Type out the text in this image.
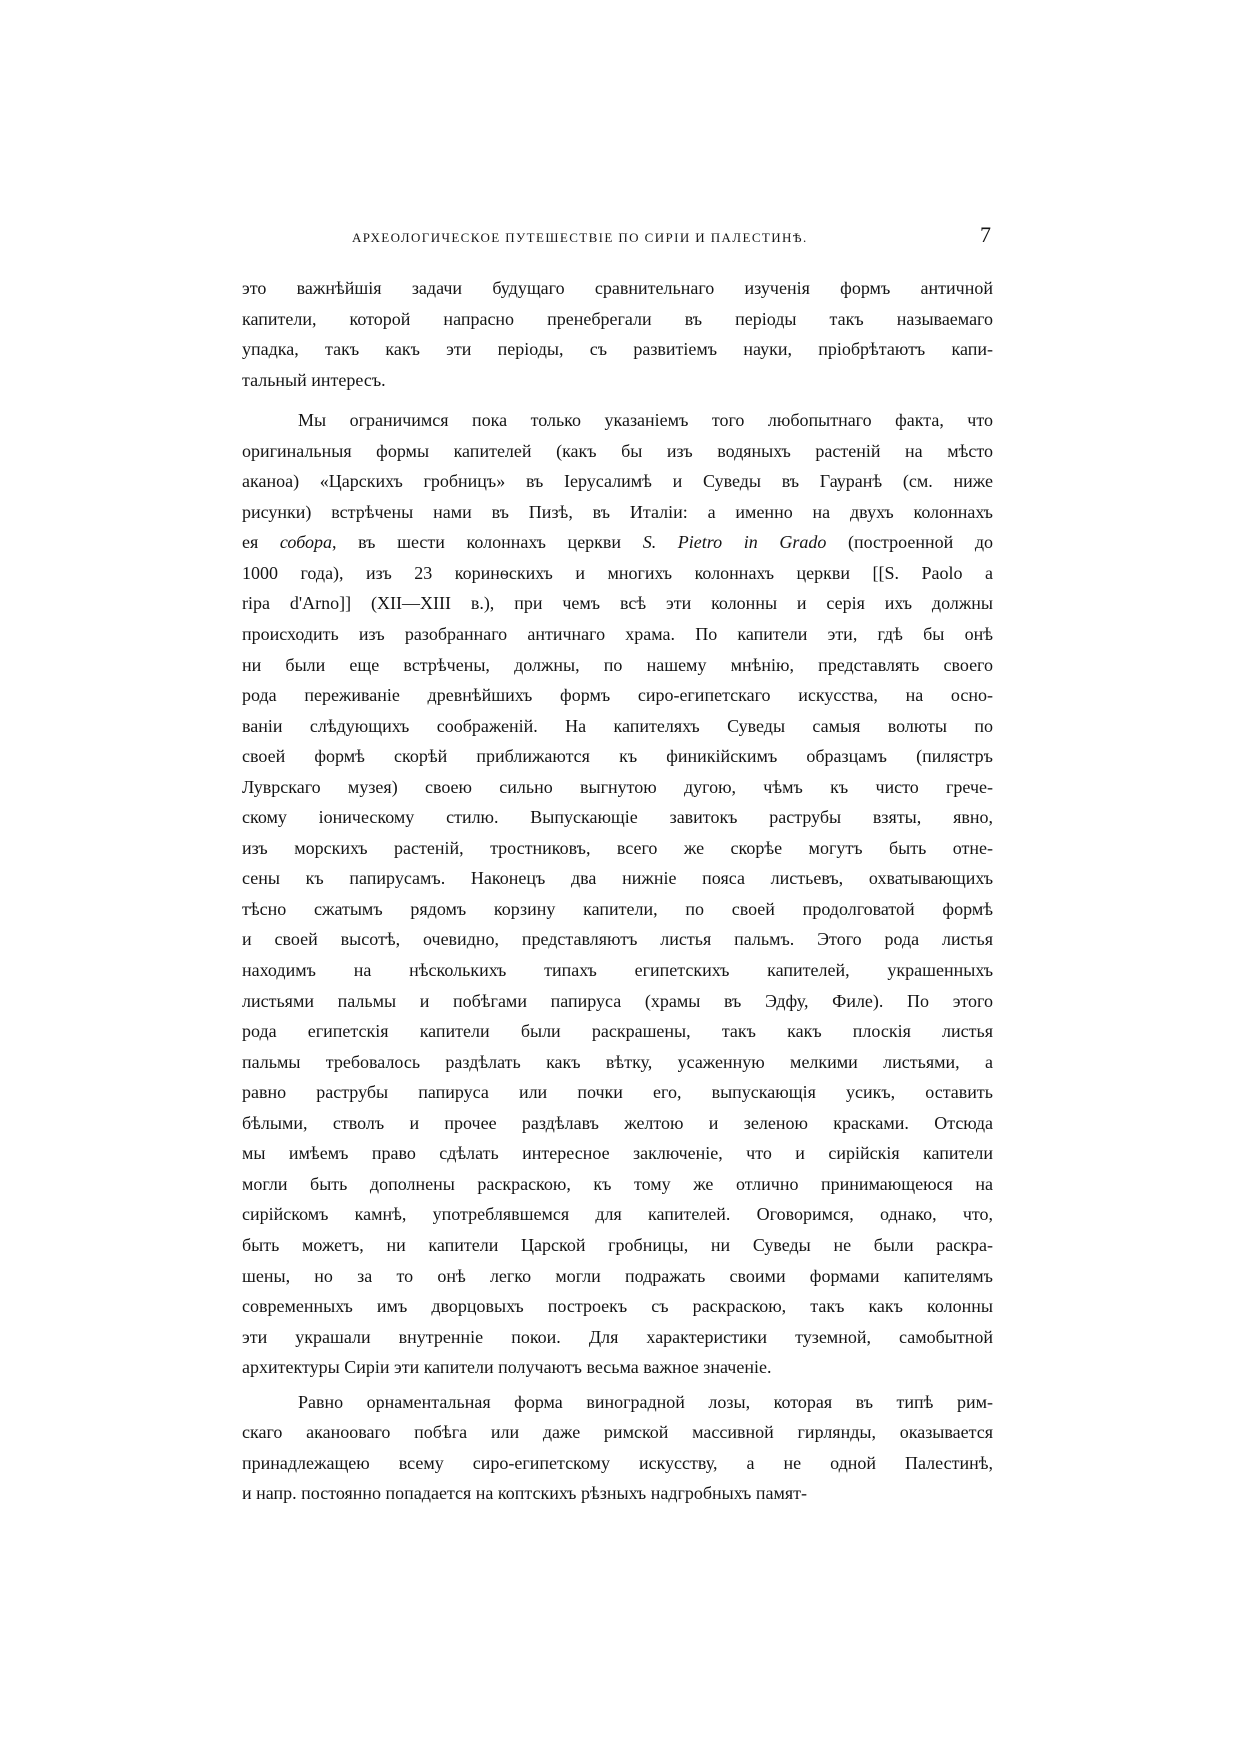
АРХЕОЛОГИЧЕСКОЕ ПУТЕШЕСТВІЕ ПО СИРІИ И ПАЛЕСТИНѢ.	7
это важнѣйшія задачи будущаго сравнительнаго изученія формъ античной
капители, которой напрасно пренебрегали въ періоды такъ называемаго
упадка, такъ какъ эти періоды, съ развитіемъ науки, пріобрѣтаютъ капи-
тальный интересъ.
Мы ограничимся пока только указаніемъ того любопытнаго факта, что
оригинальныя формы капителей (какъ бы изъ водяныхъ растеній на мѣсто
аканоа) «Царскихъ гробницъ» въ Іерусалимѣ и Суведы въ Гауранѣ (см. ниже
рисунки) встрѣчены нами въ Пизѣ, въ Италіи: а именно на двухъ колоннахъ
ея собора, въ шести колоннахъ церкви S. Pietro in Grado (построенной до
1000 года), изъ 23 коринѳскихъ и многихъ колоннахъ церкви [[S. Paolo a
ripa d'Arno]] (XII—XIII в.), при чемъ всѣ эти колонны и серія ихъ должны
происходить изъ разобраннаго античнаго храма. По капители эти, гдѣ бы онѣ
ни были еще встрѣчены, должны, по нашему мнѣнію, представлять своего
рода переживаніе древнѣйшихъ формъ сиро-египетскаго искусства, на осно-
ваніи слѣдующихъ соображеній. На капителяхъ Суведы самыя волюты по
своей формѣ скорѣй приближаются къ финикійскимъ образцамъ (пилястръ
Луврскаго музея) своею сильно выгнутою дугою, чѣмъ къ чисто грече-
скому іоническому стилю. Выпускающіе завитокъ раструбы взяты, явно,
изъ морскихъ растеній, тростниковъ, всего же скорѣе могутъ быть отне-
сены къ папирусамъ. Наконецъ два нижніе пояса листьевъ, охватывающихъ
тѣсно сжатымъ рядомъ корзину капители, по своей продолговатой формѣ
и своей высотѣ, очевидно, представляютъ листья пальмъ. Этого рода листья
находимъ на нѣсколькихъ типахъ египетскихъ капителей, украшенныхъ
листьями пальмы и побѣгами папируса (храмы въ Эдфу, Филе). По этого
рода египетскія капители были раскрашены, такъ какъ плоскія листья
пальмы требовалось раздѣлать какъ вѣтку, усаженную мелкими листьями, а
равно раструбы папируса или почки его, выпускающія усикъ, оставить
бѣлыми, стволъ и прочее раздѣлавъ желтою и зеленою красками. Отсюда
мы имѣемъ право сдѣлать интересное заключеніе, что и сирійскія капители
могли быть дополнены раскраскою, къ тому же отлично принимающеюся на
сирійскомъ камнѣ, употреблявшемся для капителей. Оговоримся, однако, что,
быть можетъ, ни капители Царской гробницы, ни Суведы не были раскра-
шены, но за то онѣ легко могли подражать своими формами капителямъ
современныхъ имъ дворцовыхъ построекъ съ раскраскою, такъ какъ колонны
эти украшали внутренніе покои. Для характеристики туземной, самобытной
архитектуры Сиріи эти капители получаютъ весьма важное значеніе.
Равно орнаментальная форма виноградной лозы, которая въ типѣ рим-
скаго аканоoваго побѣга или даже римской массивной гирлянды, оказывается
принадлежащею всему сиро-египетскому искусству, а не одной Палестинѣ,
и напр. постоянно попадается на коптскихъ рѣзныхъ надгробныхъ памят-
